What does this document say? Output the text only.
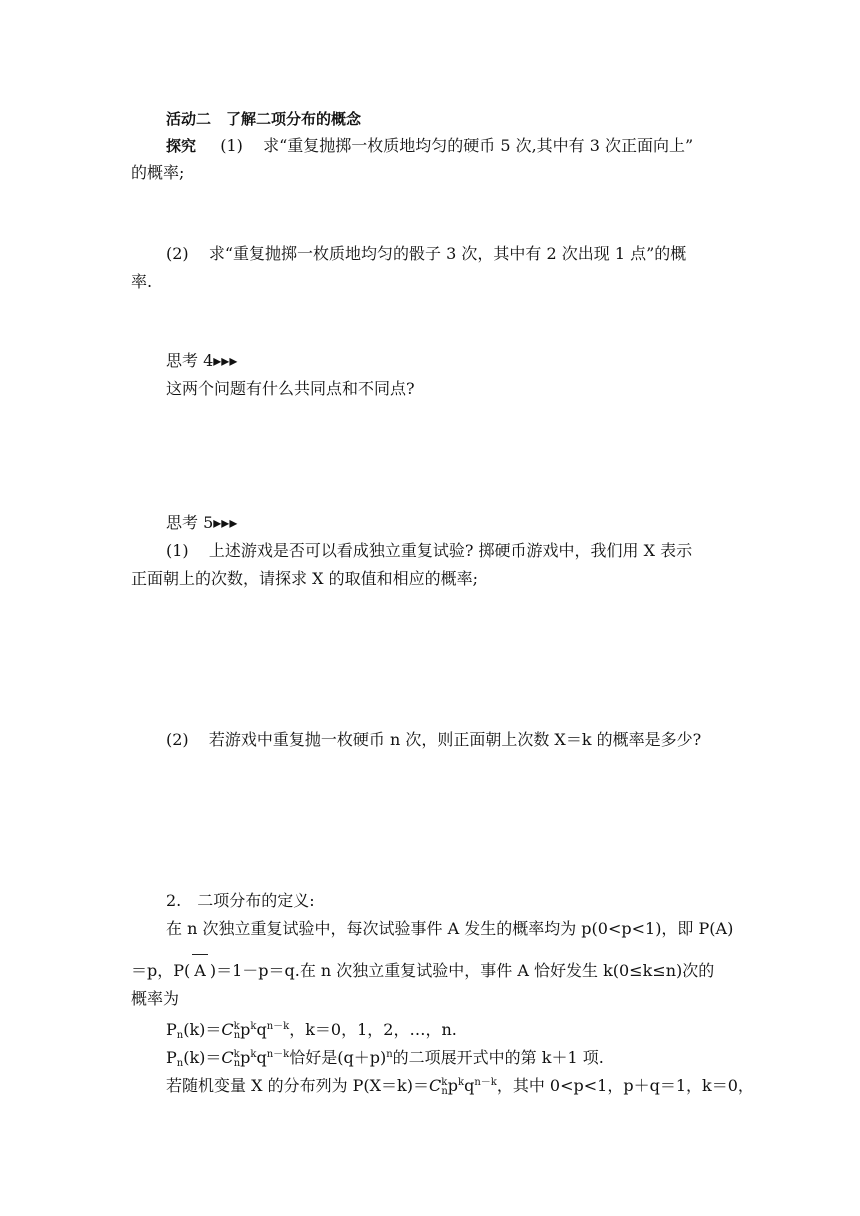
活动二　了解二项分布的概念
探究 (1) 求“重复抛掷一枚质地均匀的硬币 5 次,其中有 3 次正面向上”
的概率;
(2) 求“重复抛掷一枚质地均匀的骰子 3 次，其中有 2 次出现 1 点”的概
率.
思考 4▸▸▸
这两个问题有什么共同点和不同点?
思考 5▸▸▸
(1) 上述游戏是否可以看成独立重复试验? 掷硬币游戏中，我们用 X 表示
正面朝上的次数，请探求 X 的取值和相应的概率;
(2) 若游戏中重复抛一枚硬币 n 次，则正面朝上次数 X＝k 的概率是多少?
2.　二项分布的定义:
在 n 次独立重复试验中，每次试验事件 A 发生的概率均为 p(0<p<1)，即 P(A)
＝p，P( A )＝1－p＝q.在 n 次独立重复试验中，事件 A 恰好发生 k(0≤k≤n)次的
概率为
$P_n(k)=C^k_np^kq^{n-k}$，k＝0，1，2，…，n.
$P_n(k)=C^k_np^kq^{n-k}$恰好是$(q+p)^n$的二项展开式中的第 k＋1 项.
若随机变量 X 的分布列为 $P(X=k)=C^k_np^kq^{n-k}$，其中 0<p<1，p＋q＝1，k＝0，
